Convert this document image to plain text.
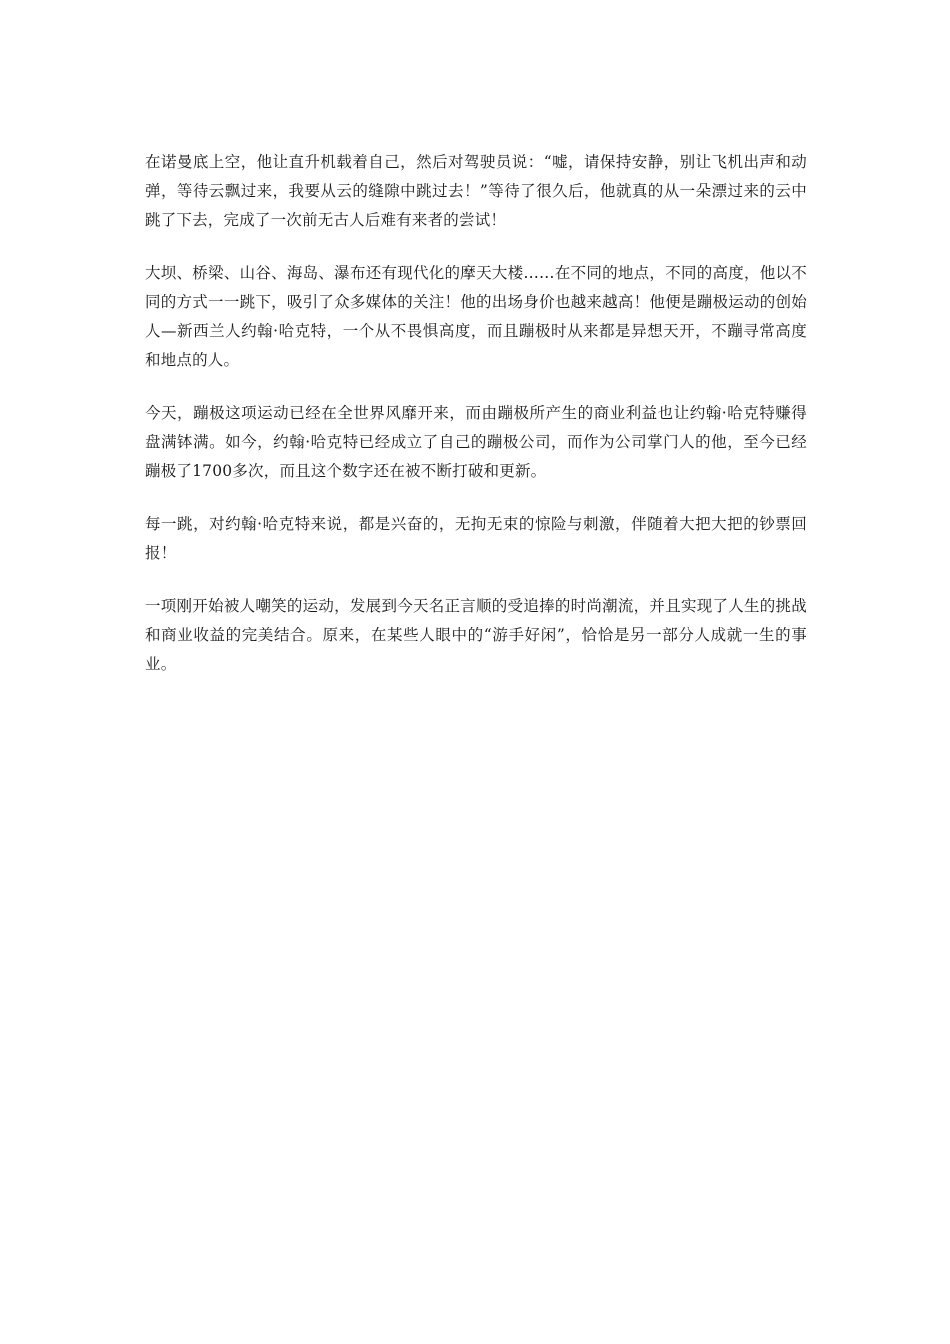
在诺曼底上空，他让直升机载着自己，然后对驾驶员说：“嘘，请保持安静，别让飞机出声和动弹，等待云飘过来，我要从云的缝隙中跳过去！”等待了很久后，他就真的从一朵漂过来的云中跳了下去，完成了一次前无古人后难有来者的尝试！

大坝、桥梁、山谷、海岛、瀑布还有现代化的摩天大楼……在不同的地点，不同的高度，他以不同的方式一一跳下，吸引了众多媒体的关注！他的出场身价也越来越高！他便是蹦极运动的创始人—新西兰人约翰·哈克特，一个从不畏惧高度，而且蹦极时从来都是异想天开，不蹦寻常高度和地点的人。

今天，蹦极这项运动已经在全世界风靡开来，而由蹦极所产生的商业利益也让约翰·哈克特赚得盘满钵满。如今，约翰·哈克特已经成立了自己的蹦极公司，而作为公司掌门人的他，至今已经蹦极了1700多次，而且这个数字还在被不断打破和更新。

每一跳，对约翰·哈克特来说，都是兴奋的，无拘无束的惊险与刺激，伴随着大把大把的钞票回报！

一项刚开始被人嘲笑的运动，发展到今天名正言顺的受追捧的时尚潮流，并且实现了人生的挑战和商业收益的完美结合。原来，在某些人眼中的“游手好闲”，恰恰是另一部分人成就一生的事业。
